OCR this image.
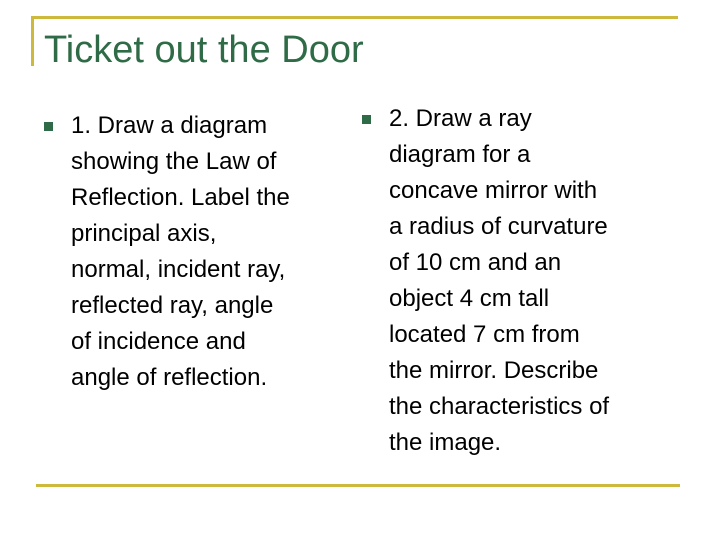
Ticket out the Door

1. Draw a diagram
showing the Law of
Reflection. Label the
principal axis,
normal, incident ray,
reflected ray, angle
of incidence and
angle of reflection.

2. Draw a ray
diagram for a
concave mirror with
a radius of curvature
of 10 cm and an
object 4 cm tall
located 7 cm from
the mirror. Describe
the characteristics of
the image.
